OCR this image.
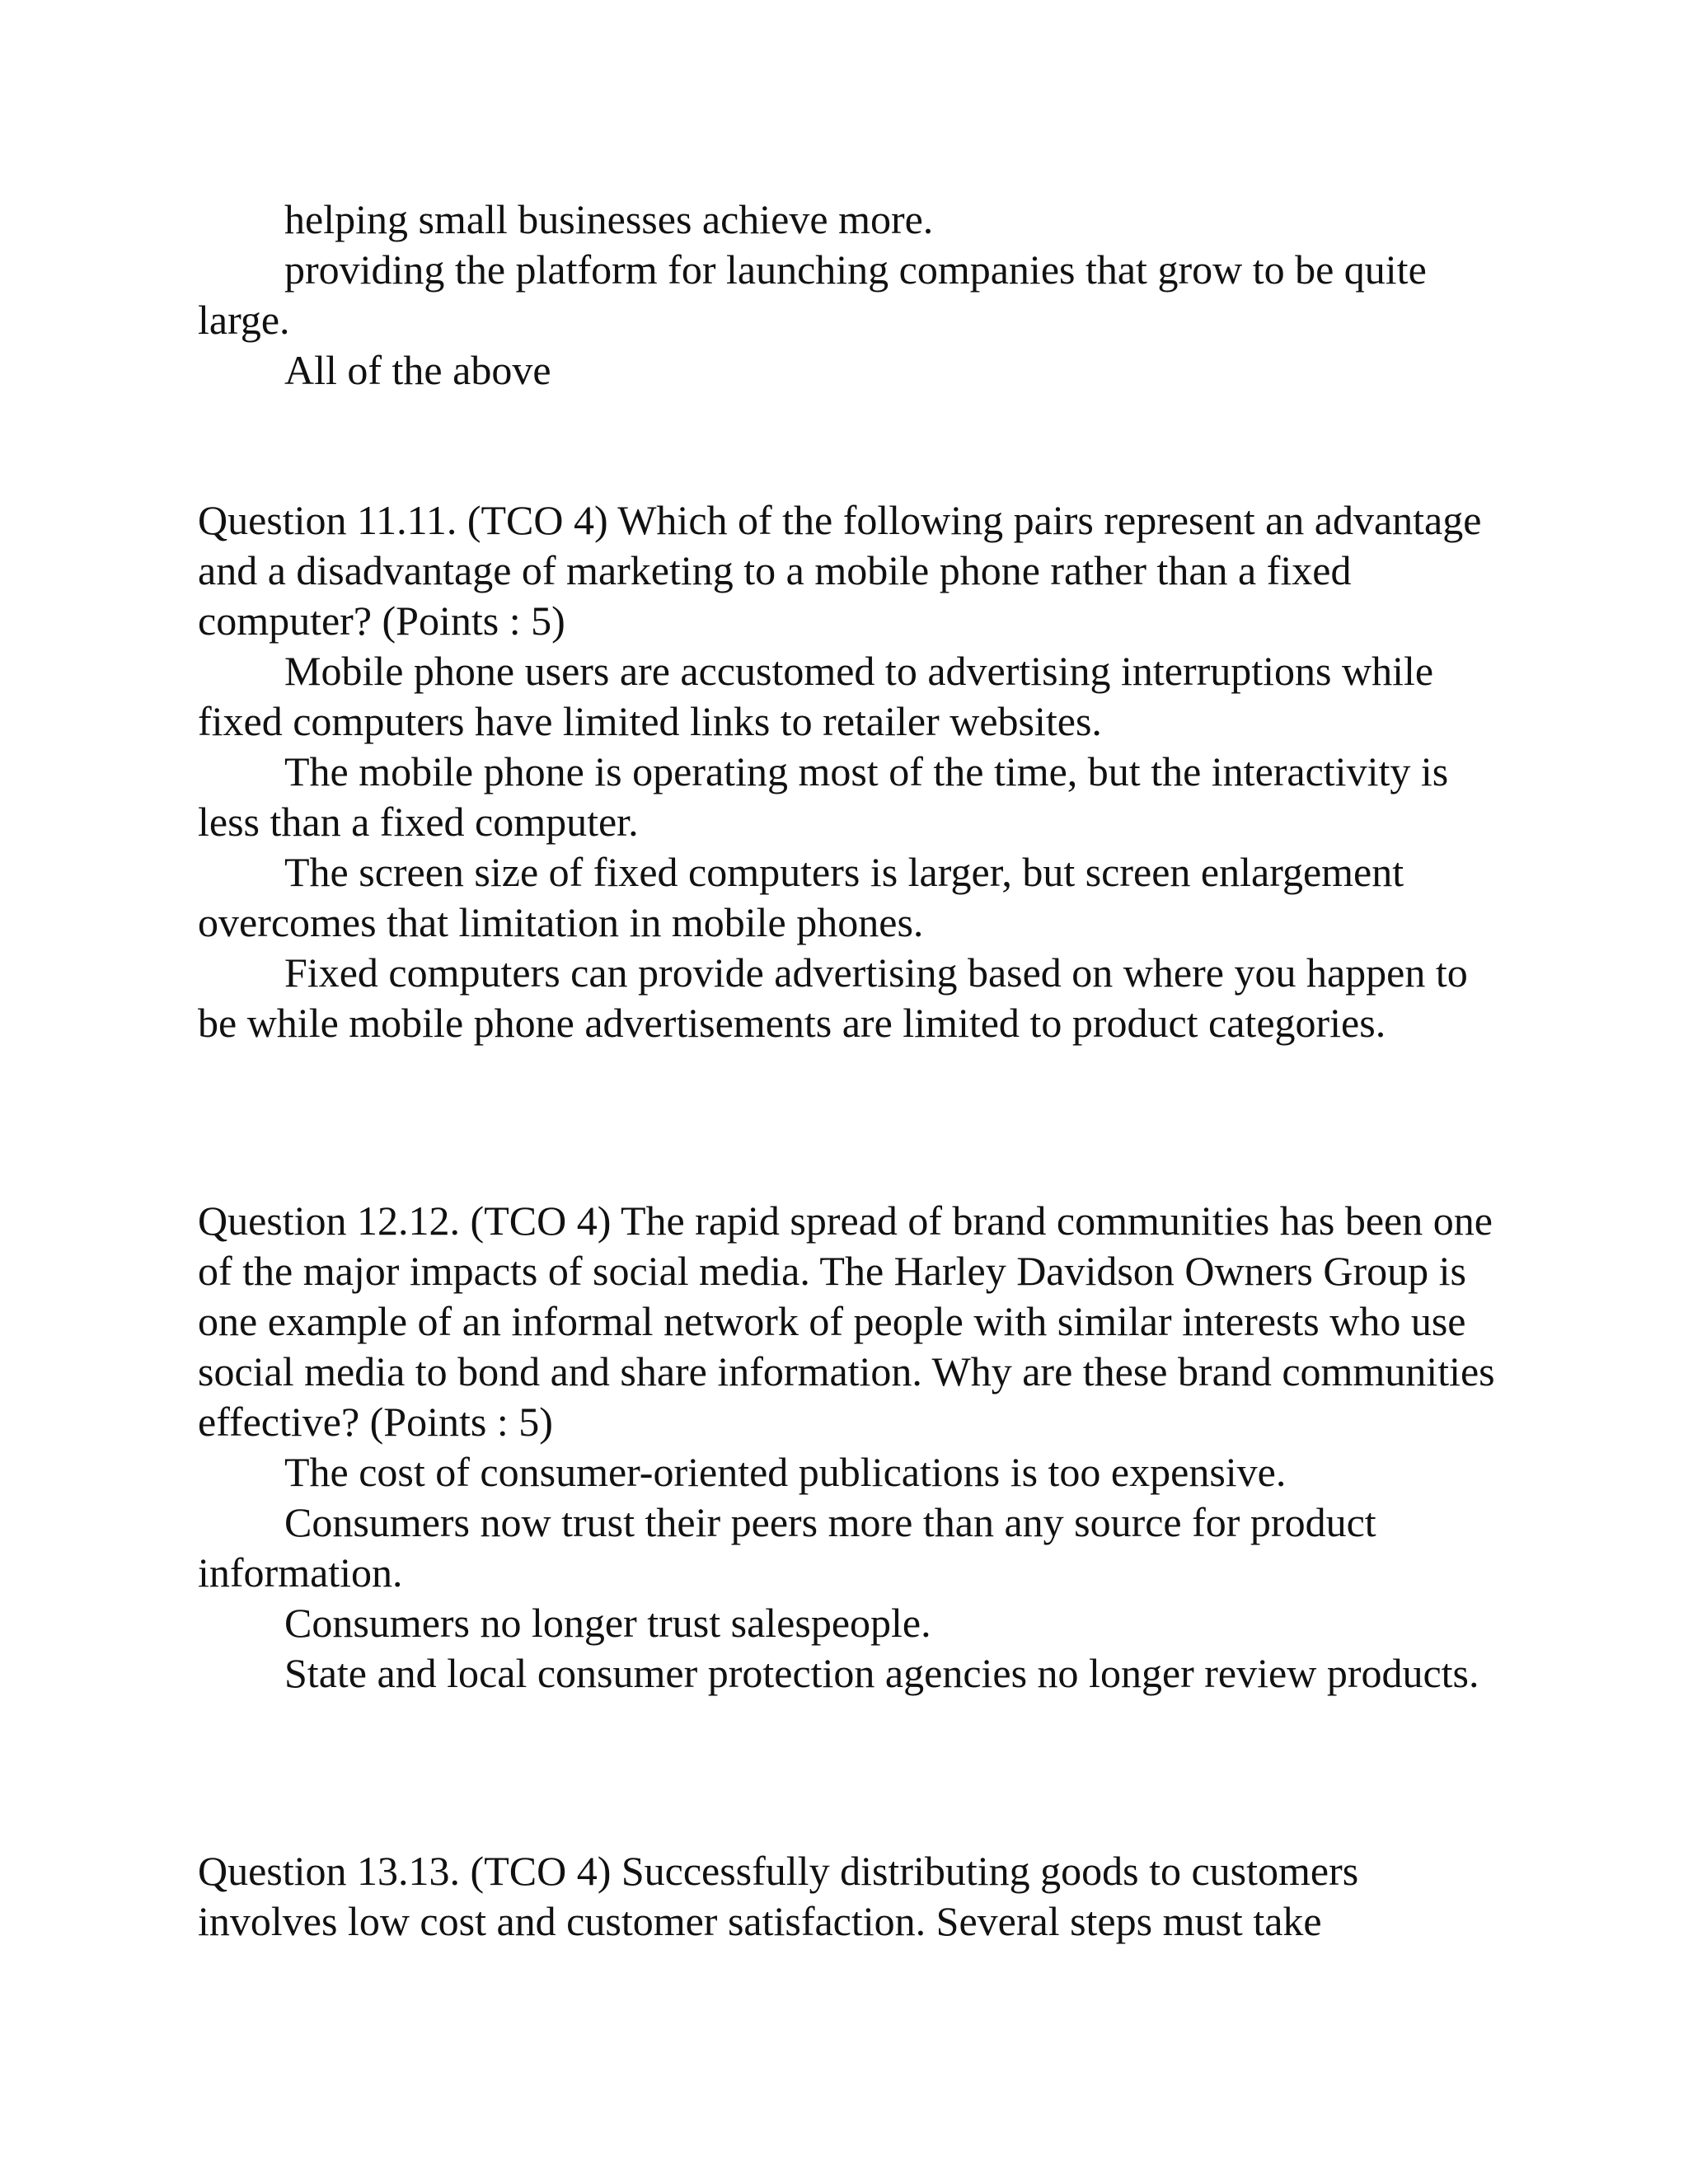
helping small businesses achieve more.

providing the platform for launching companies that grow to be quite large.

All of the above

Question 11.11. (TCO 4) Which of the following pairs represent an advantage and a disadvantage of marketing to a mobile phone rather than a fixed computer? (Points : 5)

Mobile phone users are accustomed to advertising interruptions while fixed computers have limited links to retailer websites.

The mobile phone is operating most of the time, but the interactivity is less than a fixed computer.

The screen size of fixed computers is larger, but screen enlargement overcomes that limitation in mobile phones.

Fixed computers can provide advertising based on where you happen to be while mobile phone advertisements are limited to product categories.

Question 12.12. (TCO 4) The rapid spread of brand communities has been one of the major impacts of social media. The Harley Davidson Owners Group is one example of an informal network of people with similar interests who use social media to bond and share information. Why are these brand communities effective? (Points : 5)

The cost of consumer-oriented publications is too expensive.

Consumers now trust their peers more than any source for product information.

Consumers no longer trust salespeople.

State and local consumer protection agencies no longer review products.

Question 13.13. (TCO 4) Successfully distributing goods to customers involves low cost and customer satisfaction. Several steps must take
